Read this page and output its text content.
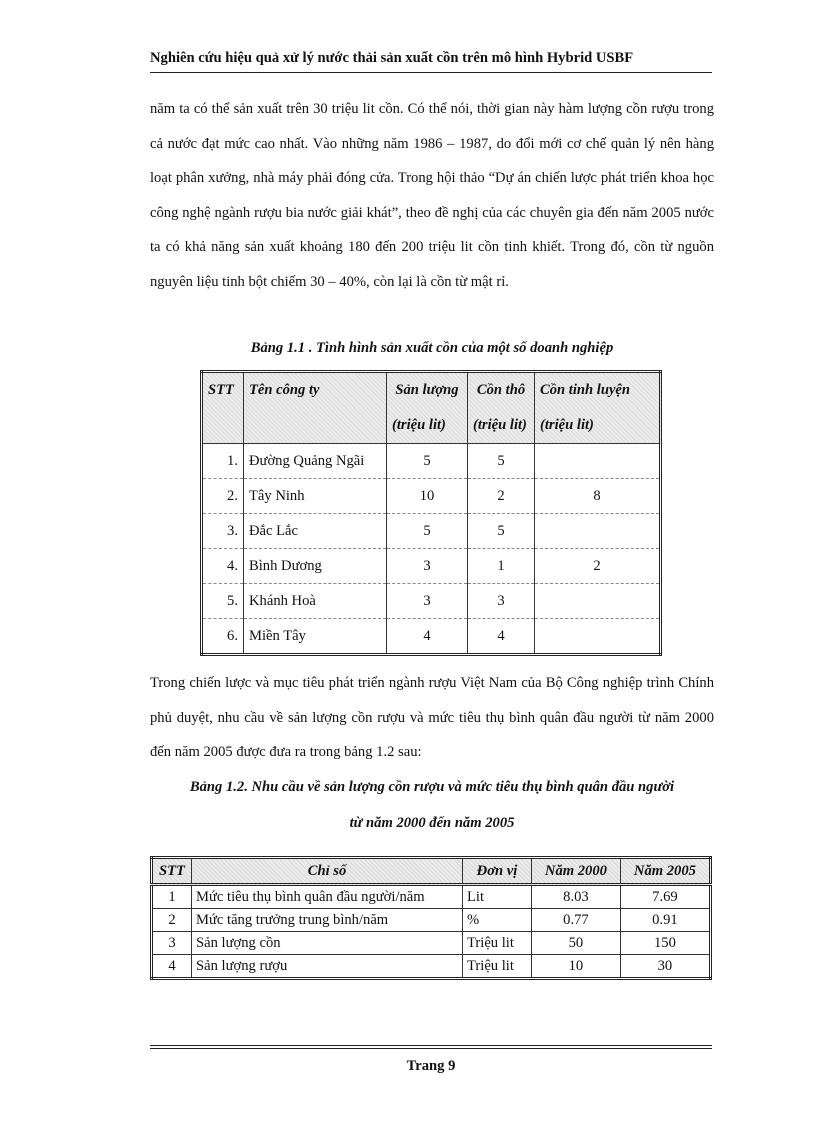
Nghiên cứu hiệu quả xử lý nước thải sản xuất cồn trên mô hình Hybrid USBF

năm ta có thể sản xuất trên 30 triệu lit cồn. Có thể nói, thời gian này hàm lượng cồn rượu trong cả nước đạt mức cao nhất. Vào những năm 1986 – 1987, do đổi mới cơ chế quản lý nên hàng loạt phân xưởng, nhà máy phải đóng cửa. Trong hội thảo “Dự án chiến lược phát triển khoa học công nghệ ngành rượu bia nước giải khát”, theo đề nghị của các chuyên gia đến năm 2005 nước ta có khả năng sản xuất khoảng 180 đến 200 triệu lit cồn tinh khiết. Trong đó, cồn từ nguồn nguyên liệu tinh bột chiếm 30 – 40%, còn lại là cồn từ mật rỉ.

Bảng 1.1 . Tình hình sản xuất cồn của một số doanh nghiệp

STT	Tên công ty	Sản lượng	Cồn thô	Cồn tinh luyện
		(triệu lit)	(triệu lit)	(triệu lit)
1.	Đường Quảng Ngãi	5	5	
2.	Tây Ninh	10	2	8
3.	Đắc Lắc	5	5	
4.	Bình Dương	3	1	2
5.	Khánh Hoà	3	3	
6.	Miền Tây	4	4	

Trong chiến lược và mục tiêu phát triển ngành rượu Việt Nam của Bộ Công nghiệp trình Chính phủ duyệt, nhu cầu về sản lượng cồn rượu và mức tiêu thụ bình quân đầu người từ năm 2000 đến năm 2005 được đưa ra trong bảng 1.2 sau:

Bảng 1.2. Nhu cầu về sản lượng cồn rượu và mức tiêu thụ bình quân đầu người

từ năm 2000 đến năm 2005

STT	Chỉ số	Đơn vị	Năm 2000	Năm 2005
1	Mức tiêu thụ bình quân đầu người/năm	Lit	8.03	7.69
2	Mức tăng trưởng trung bình/năm	%	0.77	0.91
3	Sản lượng cồn	Triệu lit	50	150
4	Sản lượng rượu	Triệu lit	10	30
Trang 9
